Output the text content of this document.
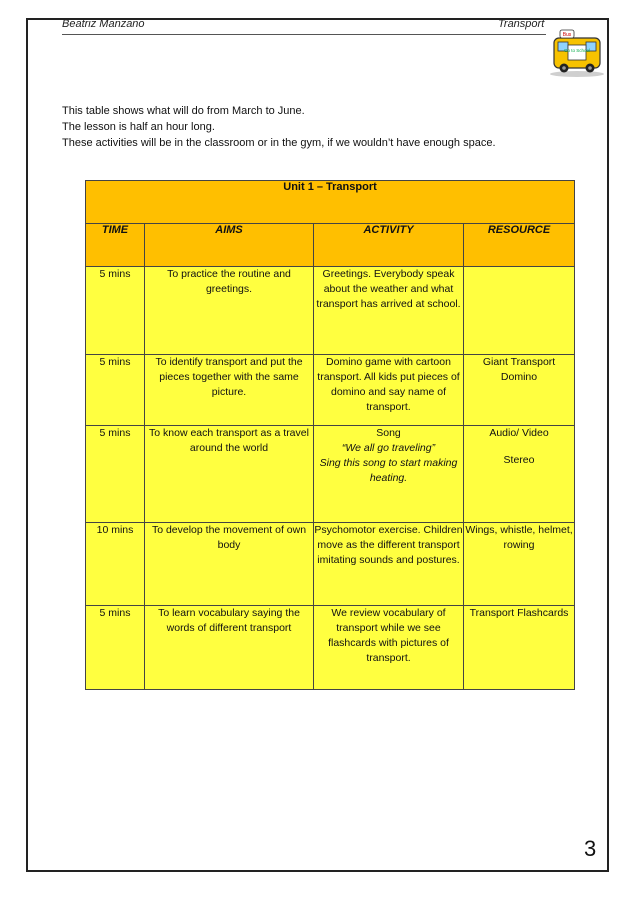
Beatriz Manzano	Transport
Go to School
Bus

This table shows what will do from March to June.

The lesson is half an hour long.

These activities will be in the classroom or in the gym, if we wouldn’t have enough space.

Unit 1 – Transport			
TIME	AIMS	ACTIVITY	RESOURCE
5 mins	To practice the routine and greetings.	Greetings. Everybody speak about the weather and what transport has arrived at school.	

5 mins	To identify transport and put the pieces together with the same picture.	Domino game with cartoon transport. All kids put pieces of domino and say name of transport.	Giant Transport Domino
5 mins	To know each transport as a travel around the world	Song
“We all go traveling”
Sing this song to start making heating.	Audio/ Video
Stereo

10 mins	To develop the movement of own body	Psychomotor exercise. Children move as the different transport imitating sounds and postures.	Wings, whistle, helmet, rowing
5 mins	To learn vocabulary saying the words of different transport	We review vocabulary of transport while we see flashcards with pictures of transport.	Transport Flashcards
3
